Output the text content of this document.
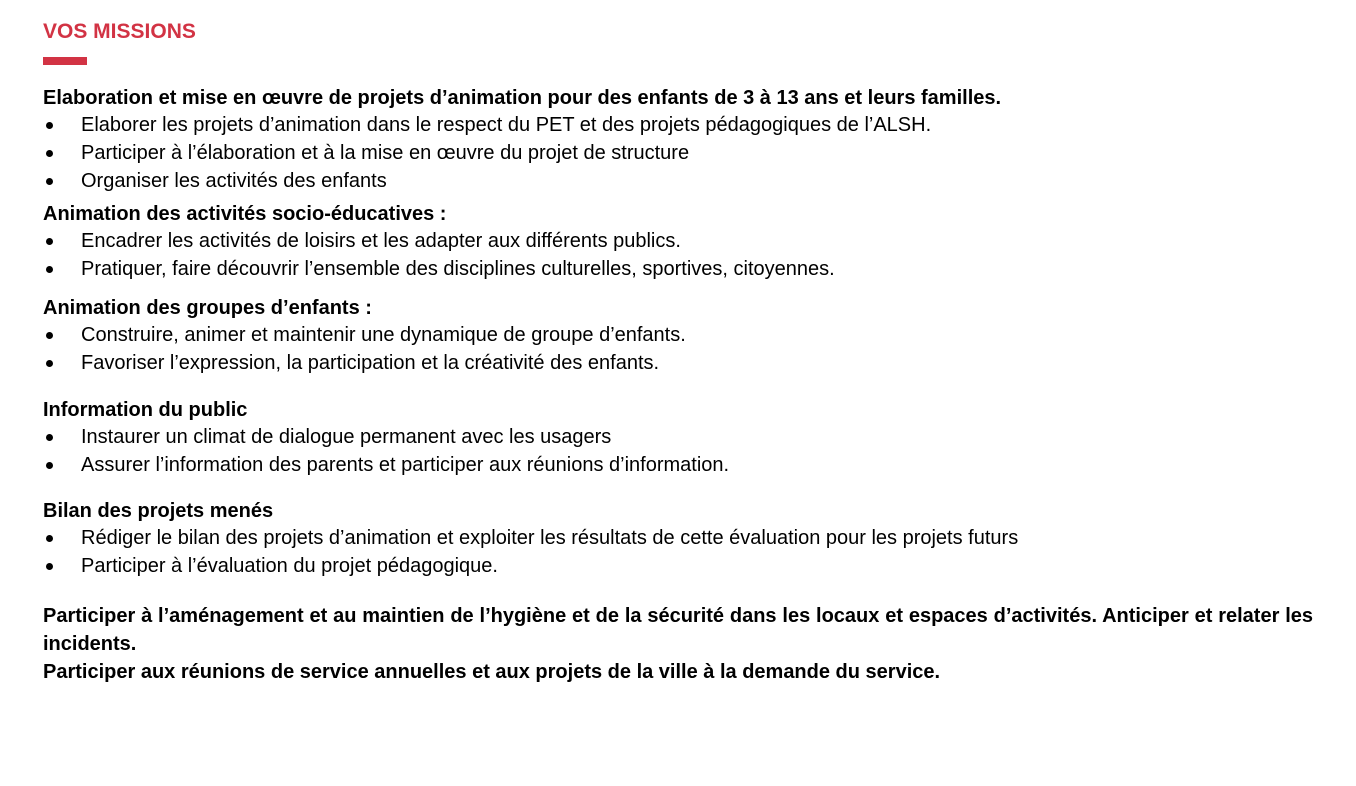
VOS MISSIONS

Elaboration et mise en œuvre de projets d’animation pour des enfants de 3 à 13 ans et leurs familles.

Elaborer les projets d’animation dans le respect du PET et des projets pédagogiques de l’ALSH.
Participer à l’élaboration et à la mise en œuvre du projet de structure
Organiser les activités des enfants

Animation des activités socio-éducatives :

Encadrer les activités de loisirs et les adapter aux différents publics.
Pratiquer, faire découvrir l’ensemble des disciplines culturelles, sportives, citoyennes.

Animation des groupes d’enfants :

Construire, animer et maintenir une dynamique de groupe d’enfants.
Favoriser l’expression, la participation et la créativité des enfants.

Information du public

Instaurer un climat de dialogue permanent avec les usagers
Assurer l’information des parents et participer aux réunions d’information.

Bilan des projets menés

Rédiger le bilan des projets d’animation et exploiter les résultats de cette évaluation pour les projets futurs
Participer à l’évaluation du projet pédagogique.

Participer à l’aménagement et au maintien de l’hygiène et de la sécurité dans les locaux et espaces d’activités. Anticiper et relater les incidents.

Participer aux réunions de service annuelles et aux projets de la ville à la demande du service.
